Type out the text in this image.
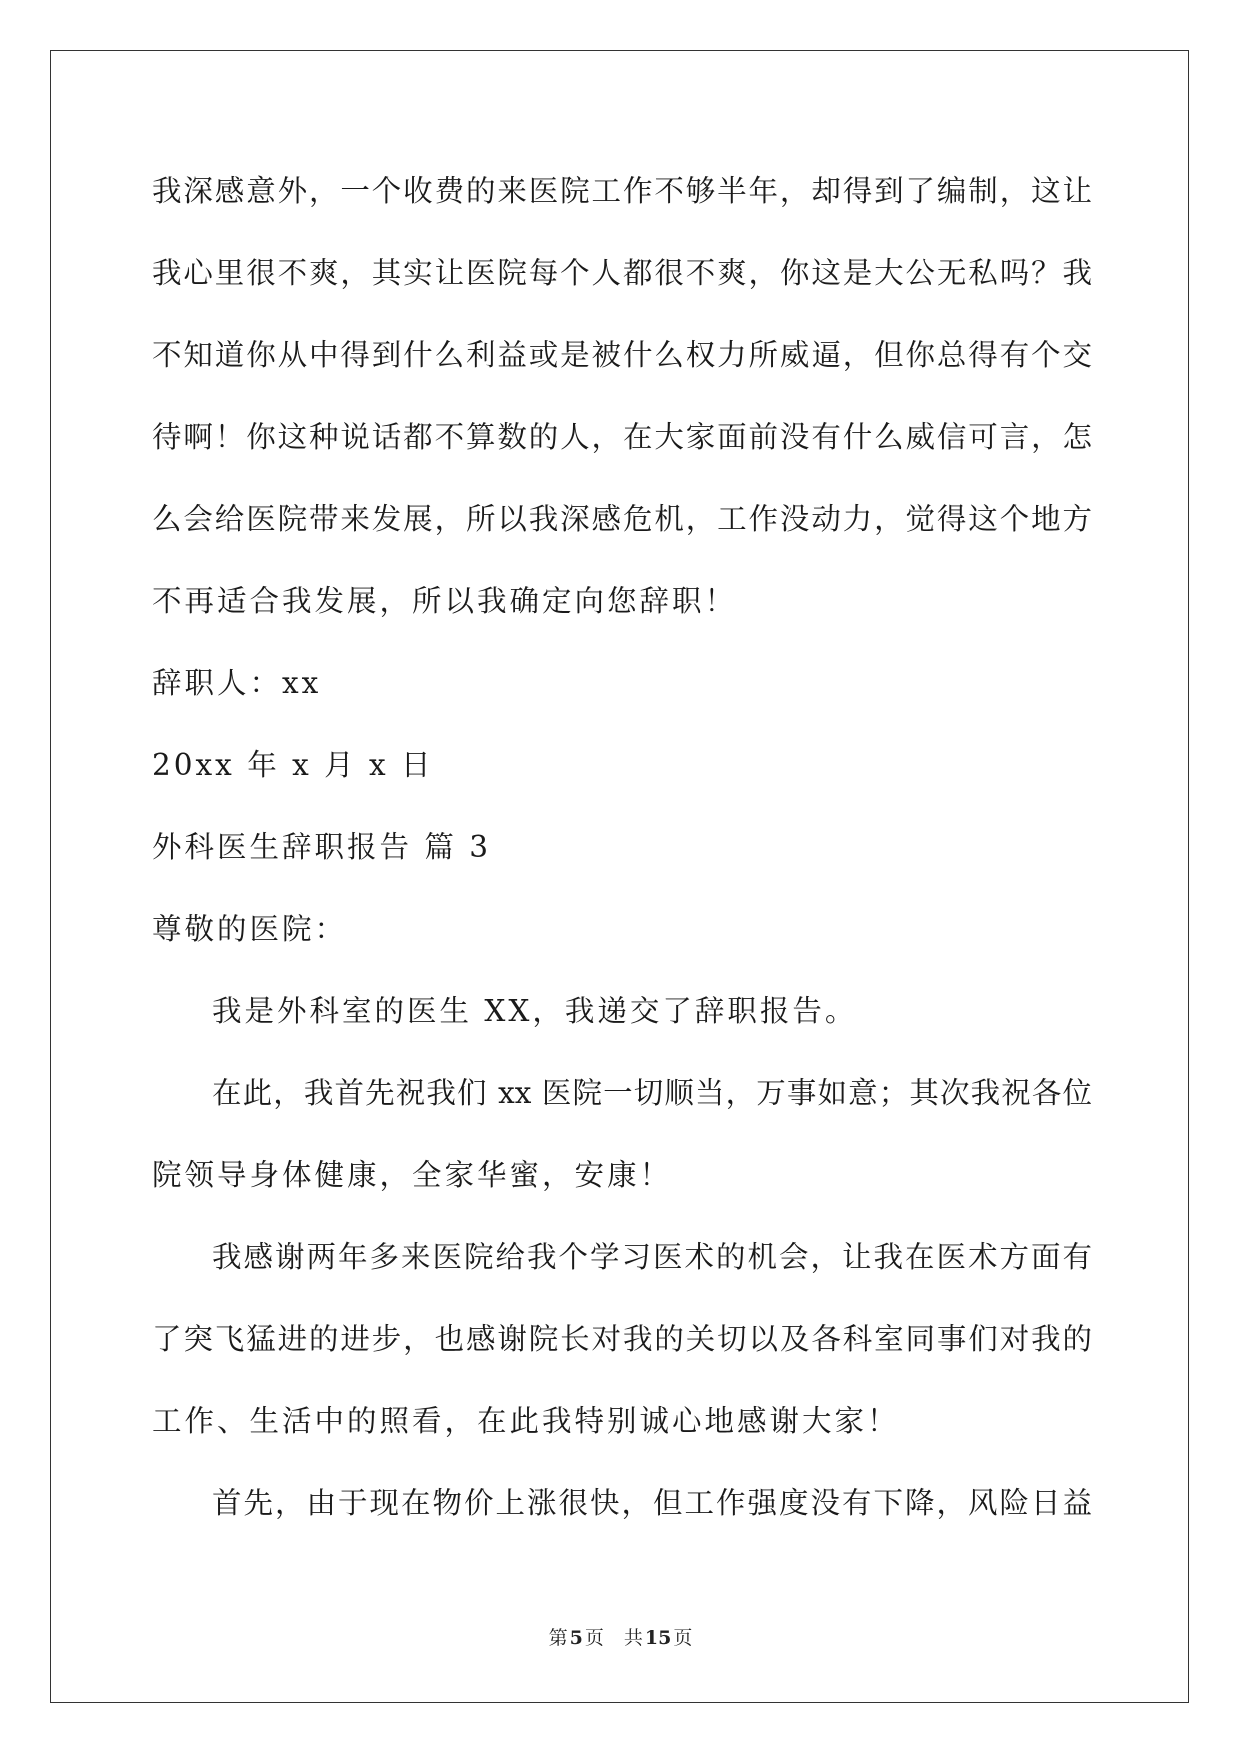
我深感意外，一个收费的来医院工作不够半年，却得到了编制，这让
我心里很不爽，其实让医院每个人都很不爽，你这是大公无私吗？我
不知道你从中得到什么利益或是被什么权力所威逼，但你总得有个交
待啊！你这种说话都不算数的人，在大家面前没有什么威信可言，怎
么会给医院带来发展，所以我深感危机，工作没动力，觉得这个地方
不再适合我发展，所以我确定向您辞职！
辞职人：xx
20xx 年 x 月 x 日
外科医生辞职报告 篇 3
尊敬的医院：
我是外科室的医生 XX，我递交了辞职报告。
在此，我首先祝我们 xx 医院一切顺当，万事如意；其次我祝各位
院领导身体健康，全家华蜜，安康！
我感谢两年多来医院给我个学习医术的机会，让我在医术方面有
了突飞猛进的进步，也感谢院长对我的关切以及各科室同事们对我的
工作、生活中的照看，在此我特别诚心地感谢大家！
首先，由于现在物价上涨很快，但工作强度没有下降，风险日益
第 5 页 共 15 页
